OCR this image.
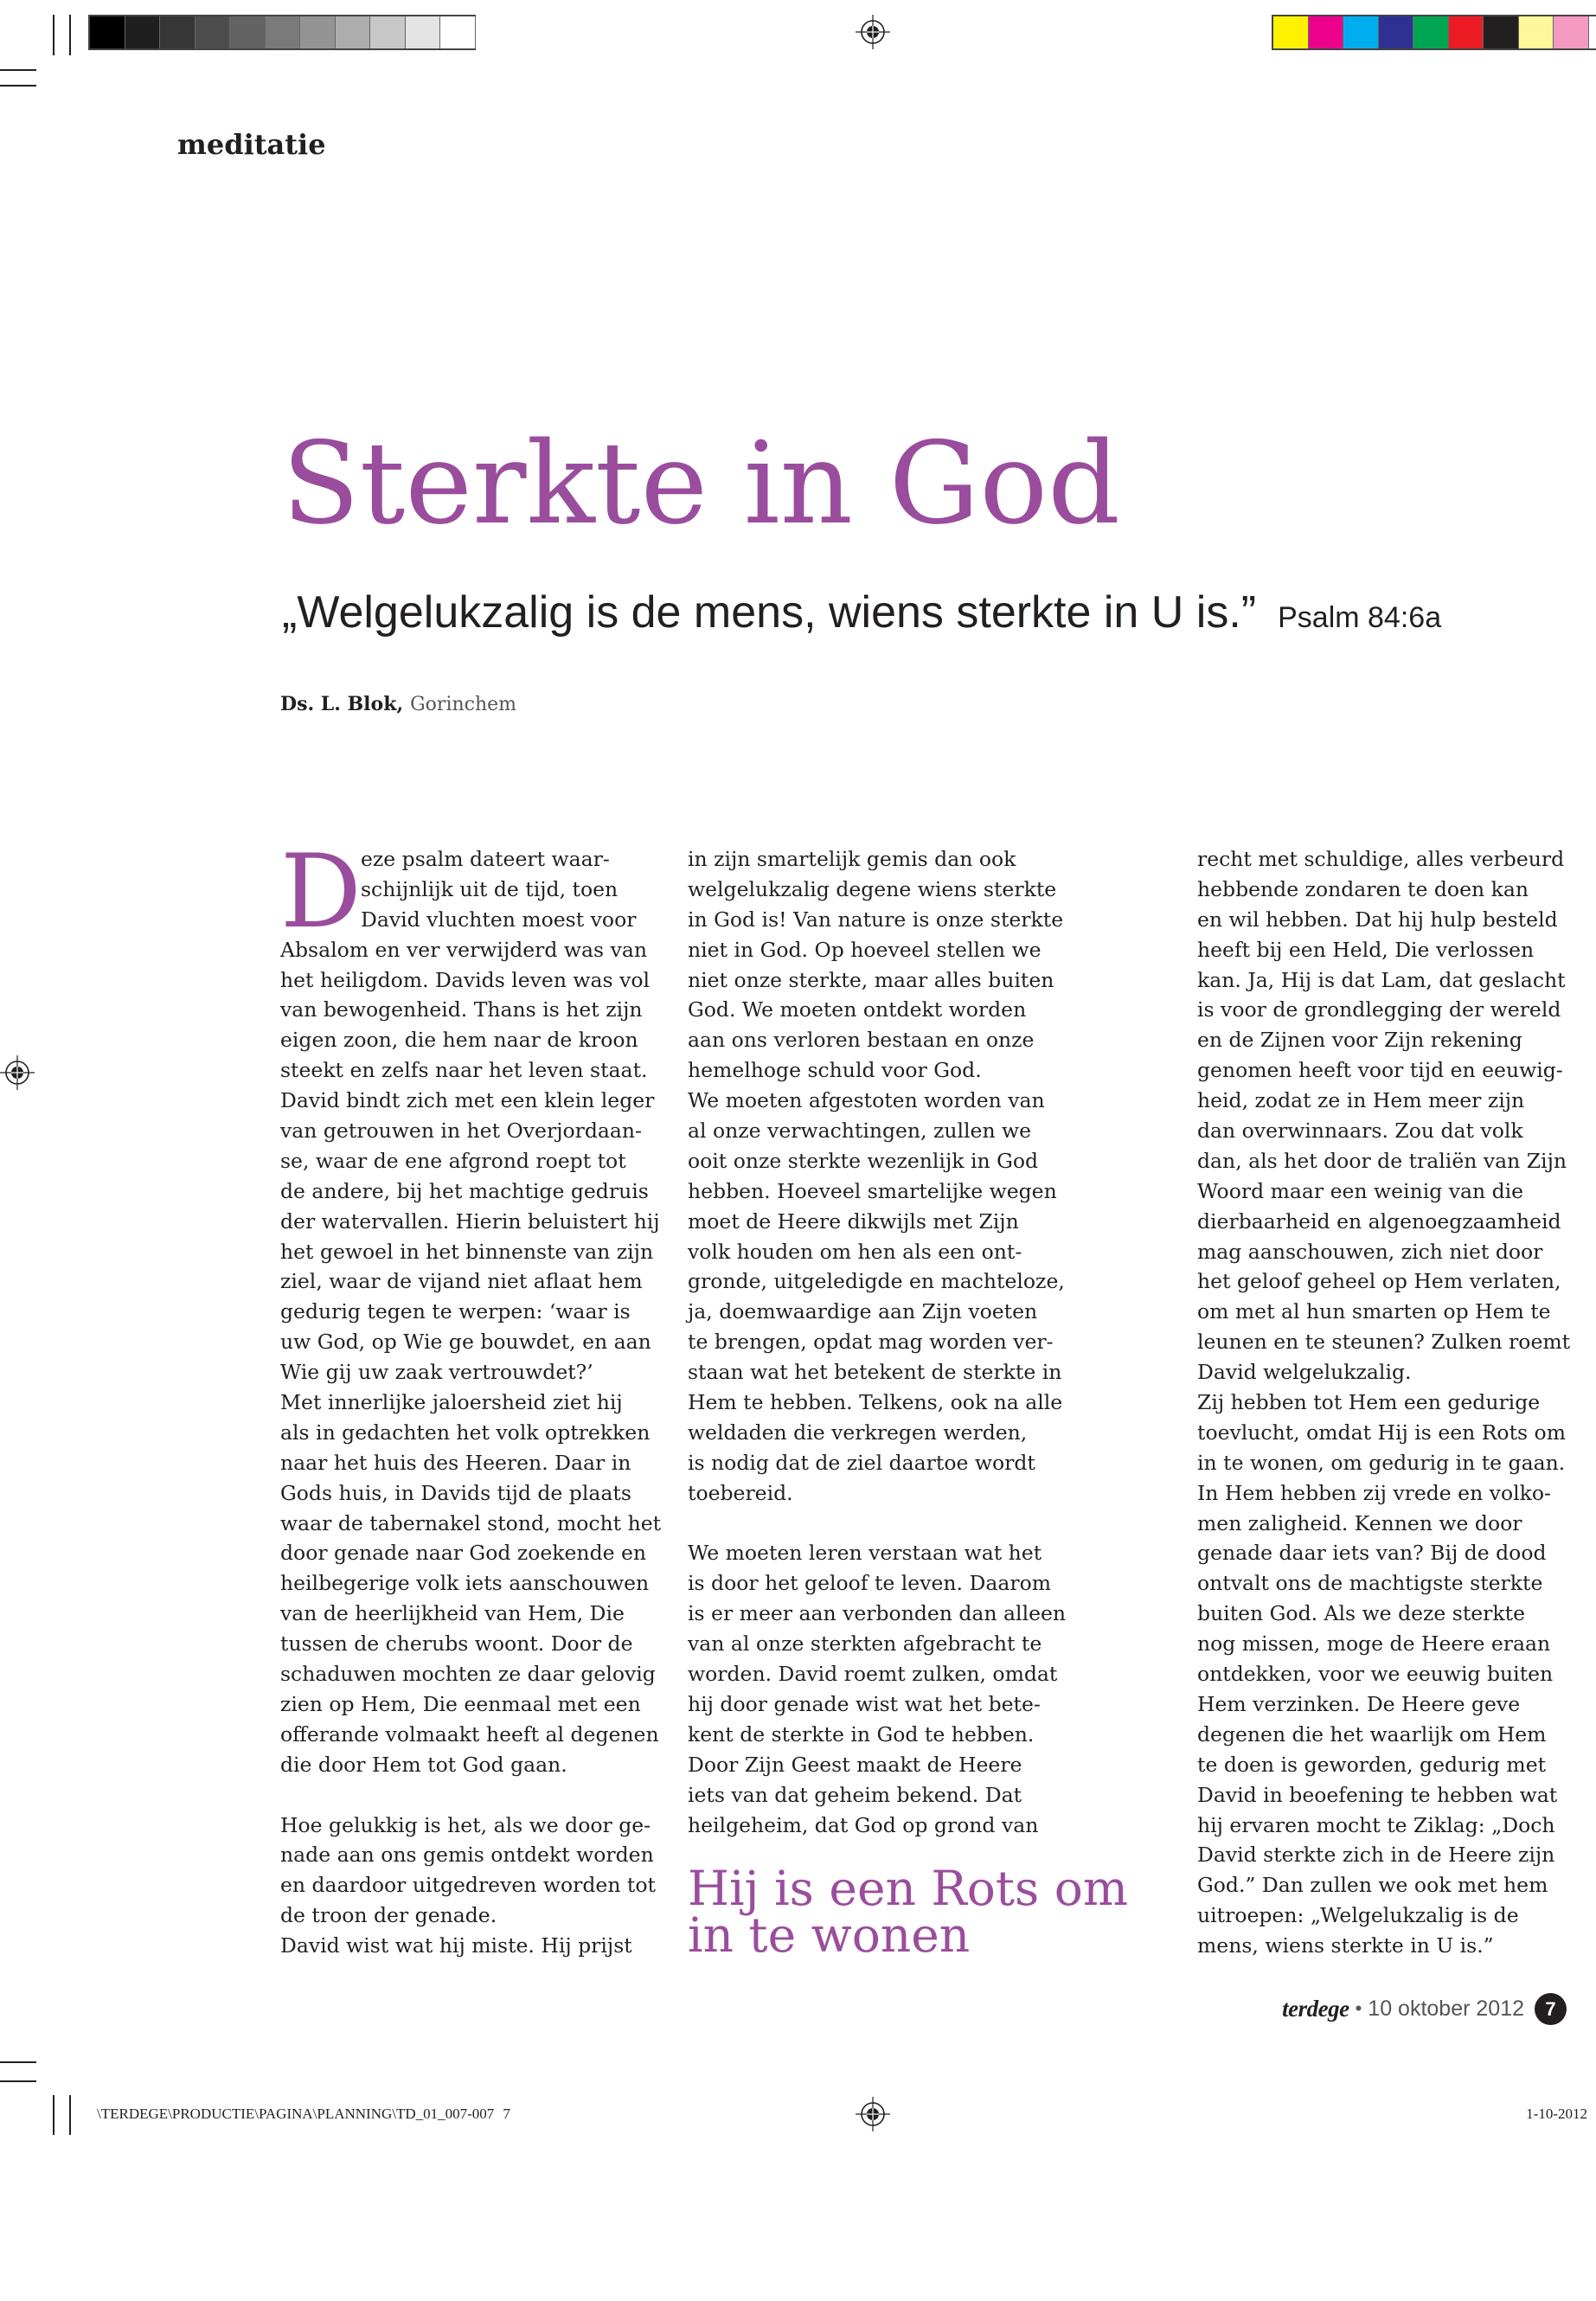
meditatie
Sterkte in God
„Welgelukzalig is de mens, wiens sterkte in U is.” Psalm 84:6a
Ds. L. Blok, Gorinchem
D eze psalm dateert waar-
schijnlijk uit de tijd, toen
David vluchten moest voor
Absalom en ver verwijderd was van
het heiligdom. Davids leven was vol
van bewogenheid. Thans is het zijn
eigen zoon, die hem naar de kroon
steekt en zelfs naar het leven staat.
David bindt zich met een klein leger
van getrouwen in het Overjordaan-
se, waar de ene afgrond roept tot
de andere, bij het machtige gedruis
der watervallen. Hierin beluistert hij
het gewoel in het binnenste van zijn
ziel, waar de vijand niet aflaat hem
gedurig tegen te werpen: ‘waar is
uw God, op Wie ge bouwdet, en aan
Wie gij uw zaak vertrouwdet?’
Met innerlijke jaloersheid ziet hij
als in gedachten het volk optrekken
naar het huis des Heeren. Daar in
Gods huis, in Davids tijd de plaats
waar de tabernakel stond, mocht het
door genade naar God zoekende en
heilbegerige volk iets aanschouwen
van de heerlijkheid van Hem, Die
tussen de cherubs woont. Door de
schaduwen mochten ze daar gelovig
zien op Hem, Die eenmaal met een
offerande volmaakt heeft al degenen
die door Hem tot God gaan.
Hoe gelukkig is het, als we door ge-
nade aan ons gemis ontdekt worden
en daardoor uitgedreven worden tot
de troon der genade.
David wist wat hij miste. Hij prijst
in zijn smartelijk gemis dan ook
welgelukzalig degene wiens sterkte
in God is! Van nature is onze sterkte
niet in God. Op hoeveel stellen we
niet onze sterkte, maar alles buiten
God. We moeten ontdekt worden
aan ons verloren bestaan en onze
hemelhoge schuld voor God.
We moeten afgestoten worden van
al onze verwachtingen, zullen we
ooit onze sterkte wezenlijk in God
hebben. Hoeveel smartelijke wegen
moet de Heere dikwijls met Zijn
volk houden om hen als een ont-
gronde, uitgeledigde en machteloze,
ja, doemwaardige aan Zijn voeten
te brengen, opdat mag worden ver-
staan wat het betekent de sterkte in
Hem te hebben. Telkens, ook na alle
weldaden die verkregen werden,
is nodig dat de ziel daartoe wordt
toebereid.
We moeten leren verstaan wat het
is door het geloof te leven. Daarom
is er meer aan verbonden dan alleen
van al onze sterkten afgebracht te
worden. David roemt zulken, omdat
hij door genade wist wat het bete-
kent de sterkte in God te hebben.
Door Zijn Geest maakt de Heere
iets van dat geheim bekend. Dat
heilgeheim, dat God op grond van
recht met schuldige, alles verbeurd
hebbende zondaren te doen kan
en wil hebben. Dat hij hulp besteld
heeft bij een Held, Die verlossen
kan. Ja, Hij is dat Lam, dat geslacht
is voor de grondlegging der wereld
en de Zijnen voor Zijn rekening
genomen heeft voor tijd en eeuwig-
heid, zodat ze in Hem meer zijn
dan overwinnaars. Zou dat volk
dan, als het door de traliën van Zijn
Woord maar een weinig van die
dierbaarheid en algenoegzaamheid
mag aanschouwen, zich niet door
het geloof geheel op Hem verlaten,
om met al hun smarten op Hem te
leunen en te steunen? Zulken roemt
David welgelukzalig.
Zij hebben tot Hem een gedurige
toevlucht, omdat Hij is een Rots om
in te wonen, om gedurig in te gaan.
In Hem hebben zij vrede en volko-
men zaligheid. Kennen we door
genade daar iets van? Bij de dood
ontvalt ons de machtigste sterkte
buiten God. Als we deze sterkte
nog missen, moge de Heere eraan
ontdekken, voor we eeuwig buiten
Hem verzinken. De Heere geve
degenen die het waarlijk om Hem
te doen is geworden, gedurig met
David in beoefening te hebben wat
hij ervaren mocht te Ziklag: „Doch
David sterkte zich in de Heere zijn
God.” Dan zullen we ook met hem
uitroepen: „Welgelukzalig is de
mens, wiens sterkte in U is.”
Hij is een Rots om
in te wonen
terdege • 10 oktober 2012	7
\TERDEGE\PRODUCTIE\PAGINA\PLANNING\TD_01_007-007 7	1-10-2012
